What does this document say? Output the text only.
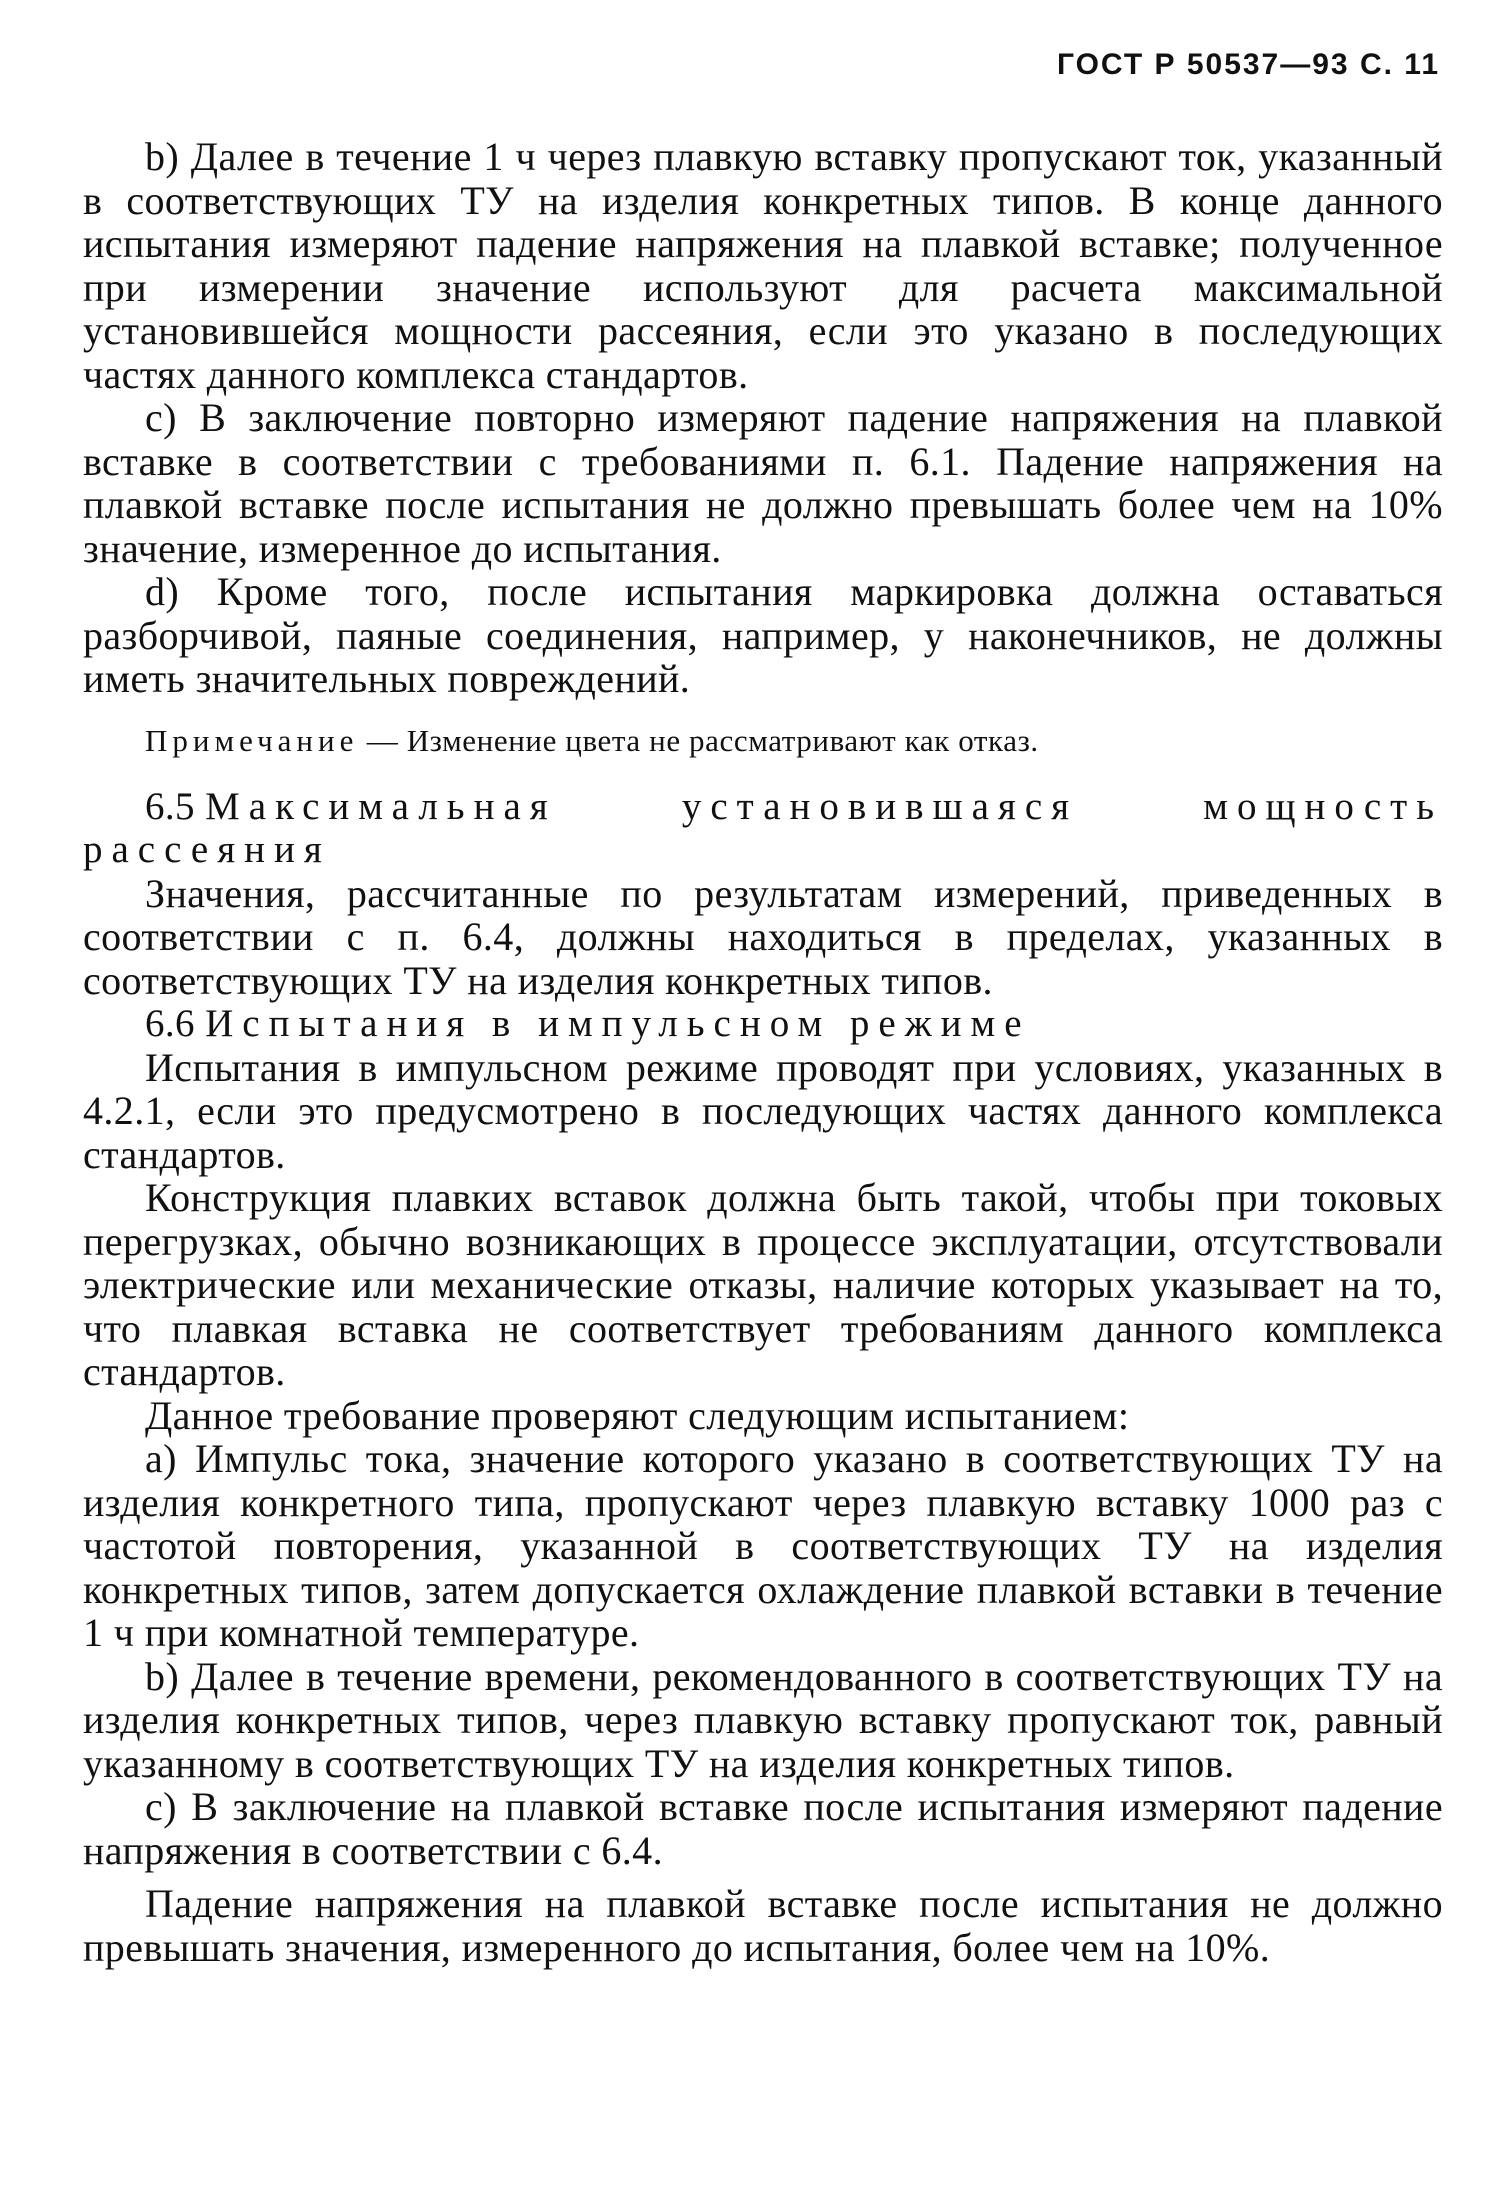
ГОСТ Р 50537—93 С. 11

b) Далее в течение 1 ч через плавкую вставку пропускают ток, указанный в соответствующих ТУ на изделия конкретных типов. В конце данного испытания измеряют падение напряжения на плавкой вставке; полученное при измерении значение используют для расчета максимальной установившейся мощности рассеяния, если это указано в последующих частях данного комплекса стандартов.

c) В заключение повторно измеряют падение напряжения на плавкой вставке в соответствии с требованиями п. 6.1. Падение напряжения на плавкой вставке после испытания не должно превышать более чем на 10% значение, измеренное до испытания.

d) Кроме того, после испытания маркировка должна оставаться разборчивой, паяные соединения, например, у наконечников, не должны иметь значительных повреждений.

Примечание — Изменение цвета не рассматривают как отказ.
6.5 Максимальная	установившаяся	мощность
рассеяния

Значения, рассчитанные по результатам измерений, приведенных в соответствии с п. 6.4, должны находиться в пределах, указанных в соответствующих ТУ на изделия конкретных типов.

6.6 Испытания в импульсном режиме

Испытания в импульсном режиме проводят при условиях, указанных в 4.2.1, если это предусмотрено в последующих частях данного комплекса стандартов.

Конструкция плавких вставок должна быть такой, чтобы при токовых перегрузках, обычно возникающих в процессе эксплуатации, отсутствовали электрические или механические отказы, наличие которых указывает на то, что плавкая вставка не соответствует требованиям данного комплекса стандартов.

Данное требование проверяют следующим испытанием:

a) Импульс тока, значение которого указано в соответствующих ТУ на изделия конкретного типа, пропускают через плавкую вставку 1000 раз с частотой повторения, указанной в соответствующих ТУ на изделия конкретных типов, затем допускается охлаждение плавкой вставки в течение 1 ч при комнатной температуре.

b) Далее в течение времени, рекомендованного в соответствующих ТУ на изделия конкретных типов, через плавкую вставку пропускают ток, равный указанному в соответствующих ТУ на изделия конкретных типов.

c) В заключение на плавкой вставке после испытания измеряют падение напряжения в соответствии с 6.4.

Падение напряжения на плавкой вставке после испытания не должно превышать значения, измеренного до испытания, более чем на 10%.
